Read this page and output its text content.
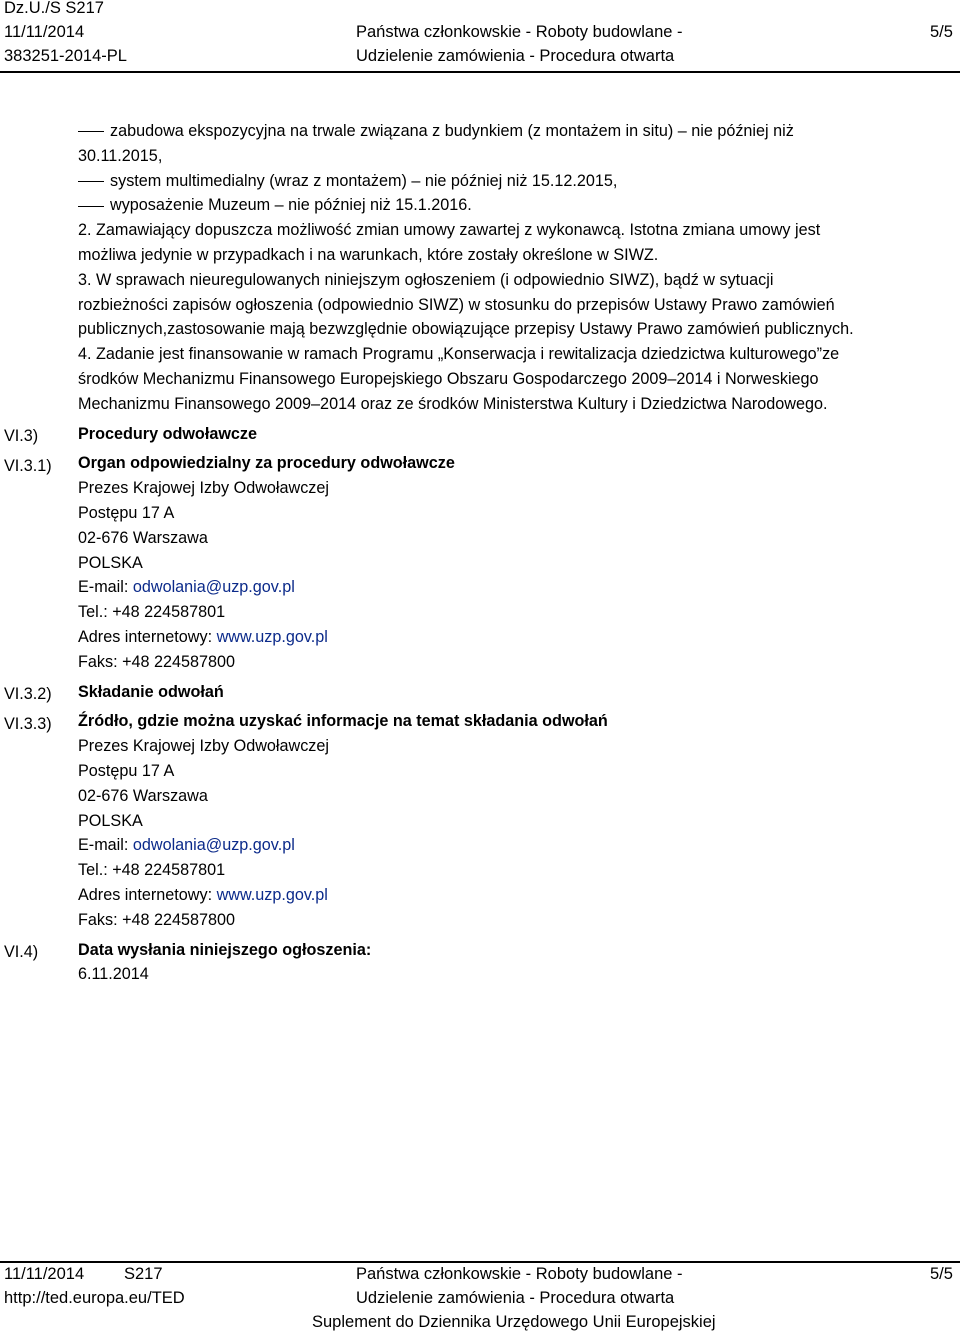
Dz.U./S S217
11/11/2014
383251-2014-PL
Państwa członkowskie - Roboty budowlane -
Udzielenie zamówienia - Procedura otwarta
5/5
VI.3)
VI.3.1)
VI.3.2)
VI.3.3)
VI.4)

zabudowa ekspozycyjna na trwale związana z budynkiem (z montażem in situ) – nie później niż

30.11.2015,

system multimedialny (wraz z montażem) – nie później niż 15.12.2015,

wyposażenie Muzeum – nie później niż 15.1.2016.

2. Zamawiający dopuszcza możliwość zmian umowy zawartej z wykonawcą. Istotna zmiana umowy jest

możliwa jedynie w przypadkach i na warunkach, które zostały określone w SIWZ.

3. W sprawach nieuregulowanych niniejszym ogłoszeniem (i odpowiednio SIWZ), bądź w sytuacji

rozbieżności zapisów ogłoszenia (odpowiednio SIWZ) w stosunku do przepisów Ustawy Prawo zamówień

publicznych,zastosowanie mają bezwzględnie obowiązujące przepisy Ustawy Prawo zamówień publicznych.

4. Zadanie jest finansowanie w ramach Programu „Konserwacja i rewitalizacja dziedzictwa kulturowego”ze

środków Mechanizmu Finansowego Europejskiego Obszaru Gospodarczego 2009–2014 i Norweskiego

Mechanizmu Finansowego 2009–2014 oraz ze środków Ministerstwa Kultury i Dziedzictwa Narodowego.

Procedury odwoławcze

Organ odpowiedzialny za procedury odwoławcze

Prezes Krajowej Izby Odwoławczej

Postępu 17 A

02-676 Warszawa

POLSKA

E-mail: odwolania@uzp.gov.pl

Tel.: +48 224587801

Adres internetowy: www.uzp.gov.pl

Faks: +48 224587800

Składanie odwołań

Źródło, gdzie można uzyskać informacje na temat składania odwołań

Prezes Krajowej Izby Odwoławczej

Postępu 17 A

02-676 Warszawa

POLSKA

E-mail: odwolania@uzp.gov.pl

Tel.: +48 224587801

Adres internetowy: www.uzp.gov.pl

Faks: +48 224587800

Data wysłania niniejszego ogłoszenia:

6.11.2014

11/11/2014 S217
http://ted.europa.eu/TED
Państwa członkowskie - Roboty budowlane -
Udzielenie zamówienia - Procedura otwarta
Suplement do Dziennika Urzędowego Unii Europejskiej
5/5
